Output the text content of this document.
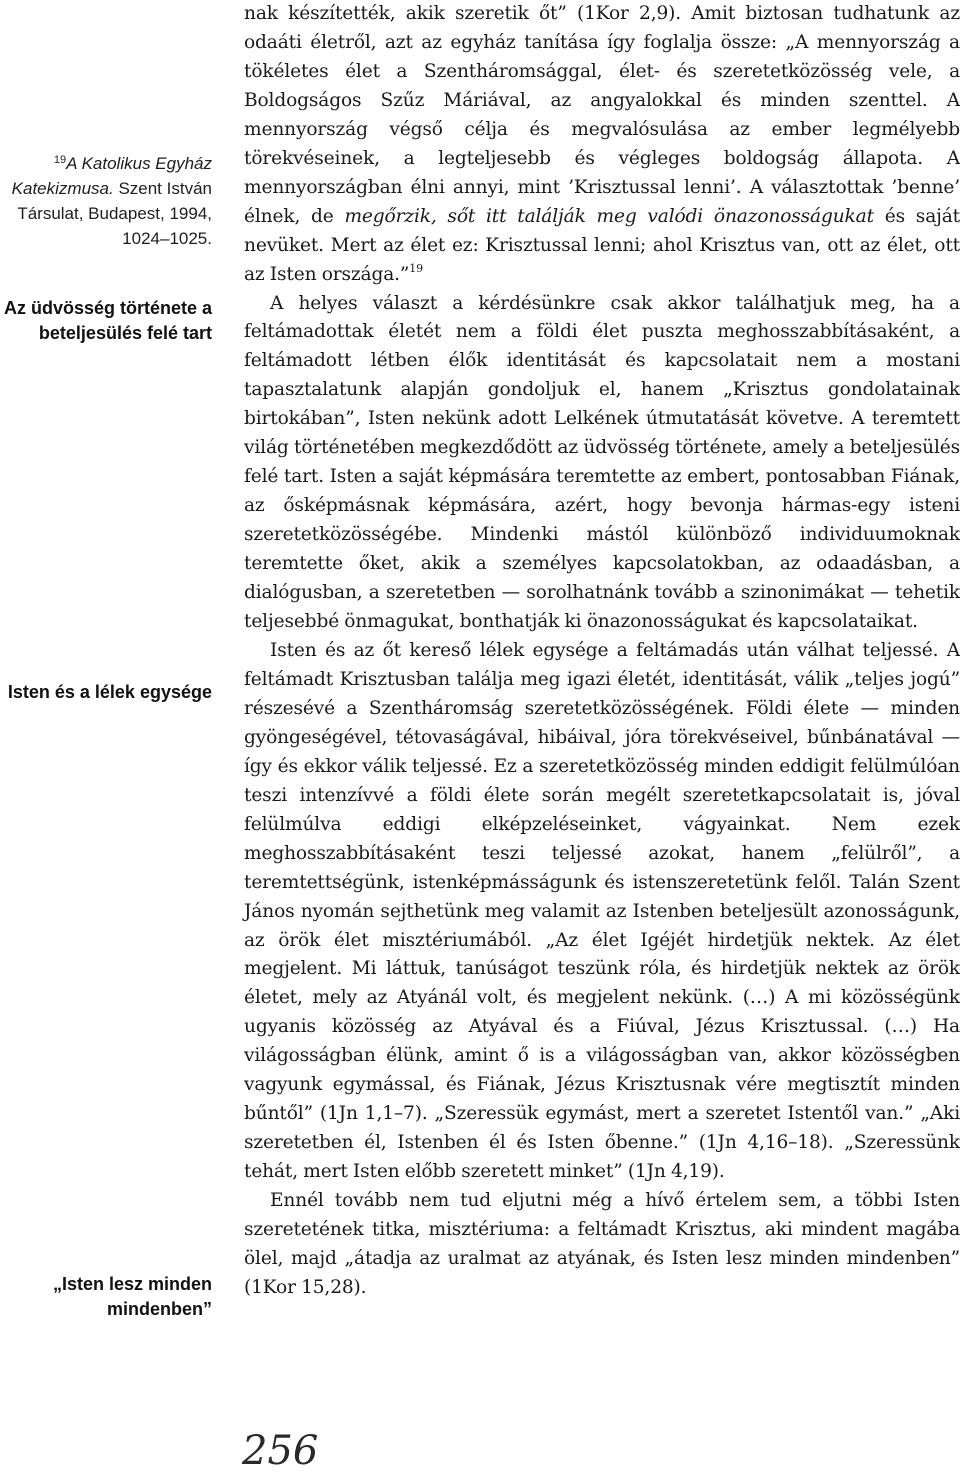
$^{19}$A Katolikus Egyház Katekizmusa. Szent István Társulat, Budapest, 1994, 1024–1025.
Az üdvösség története a beteljesülés felé tart
Isten és a lélek egysége
„Isten lesz minden mindenben”

nak készítették, akik szeretik őt” (1Kor 2,9). Amit biztosan tudhatunk az odaáti életről, azt az egyház tanítása így foglalja össze: „A mennyország a tökéletes élet a Szentháromsággal, élet- és szeretetközösség vele, a Boldogságos Szűz Máriával, az angyalokkal és minden szenttel. A mennyország végső célja és megvalósulása az ember legmélyebb törekvéseinek, a legteljesebb és végleges boldogság állapota. A mennyországban élni annyi, mint ’Krisztussal lenni’. A választottak ’benne’ élnek, de megőrzik, sőt itt találják meg valódi önazonosságukat és saját nevüket. Mert az élet ez: Krisztussal lenni; ahol Krisztus van, ott az élet, ott az Isten országa.”$^{19}$

A helyes választ a kérdésünkre csak akkor találhatjuk meg, ha a feltámadottak életét nem a földi élet puszta meghosszabbításaként, a feltámadott létben élők identitását és kapcsolatait nem a mostani tapasztalatunk alapján gondoljuk el, hanem „Krisztus gondolatainak birtokában”, Isten nekünk adott Lelkének útmutatását követve. A teremtett világ történetében megkezdődött az üdvösség története, amely a beteljesülés felé tart. Isten a saját képmására teremtette az embert, pontosabban Fiának, az ősképmásnak képmására, azért, hogy bevonja hármas-egy isteni szeretetközösségébe. Mindenki mástól különböző individuumoknak teremtette őket, akik a személyes kapcsolatokban, az odaadásban, a dialógusban, a szeretetben — sorolhatnánk tovább a szinonimákat — tehetik teljesebbé önmagukat, bonthatják ki önazonosságukat és kapcsolataikat.

Isten és az őt kereső lélek egysége a feltámadás után válhat teljessé. A feltámadt Krisztusban találja meg igazi életét, identitását, válik „teljes jogú” részesévé a Szentháromság szeretetközösségének. Földi élete — minden gyöngeségével, tétovaságával, hibáival, jóra törekvéseivel, bűnbánatával — így és ekkor válik teljessé. Ez a szeretetközösség minden eddigit felülmúlóan teszi intenzívvé a földi élete során megélt szeretetkapcsolatait is, jóval felülmúlva eddigi elképzeléseinket, vágyainkat. Nem ezek meghosszabbításaként teszi teljessé azokat, hanem „felülről”, a teremtettségünk, istenképmásságunk és istenszeretetünk felől. Talán Szent János nyomán sejthetünk meg valamit az Istenben beteljesült azonosságunk, az örök élet misztériumából. „Az élet Igéjét hirdetjük nektek. Az élet megjelent. Mi láttuk, tanúságot teszünk róla, és hirdetjük nektek az örök életet, mely az Atyánál volt, és megjelent nekünk. (…) A mi közösségünk ugyanis közösség az Atyával és a Fiúval, Jézus Krisztussal. (…) Ha világosságban élünk, amint ő is a világosságban van, akkor közösségben vagyunk egymással, és Fiának, Jézus Krisztusnak vére megtisztít minden bűntől” (1Jn 1,1–7). „Szeressük egymást, mert a szeretet Istentől van.” „Aki szeretetben él, Istenben él és Isten őbenne.” (1Jn 4,16–18). „Szeressünk tehát, mert Isten előbb szeretett minket” (1Jn 4,19).

Ennél tovább nem tud eljutni még a hívő értelem sem, a többi Isten szeretetének titka, misztériuma: a feltámadt Krisztus, aki mindent magába ölel, majd „átadja az uralmat az atyának, és Isten lesz minden mindenben” (1Kor 15,28).

256
